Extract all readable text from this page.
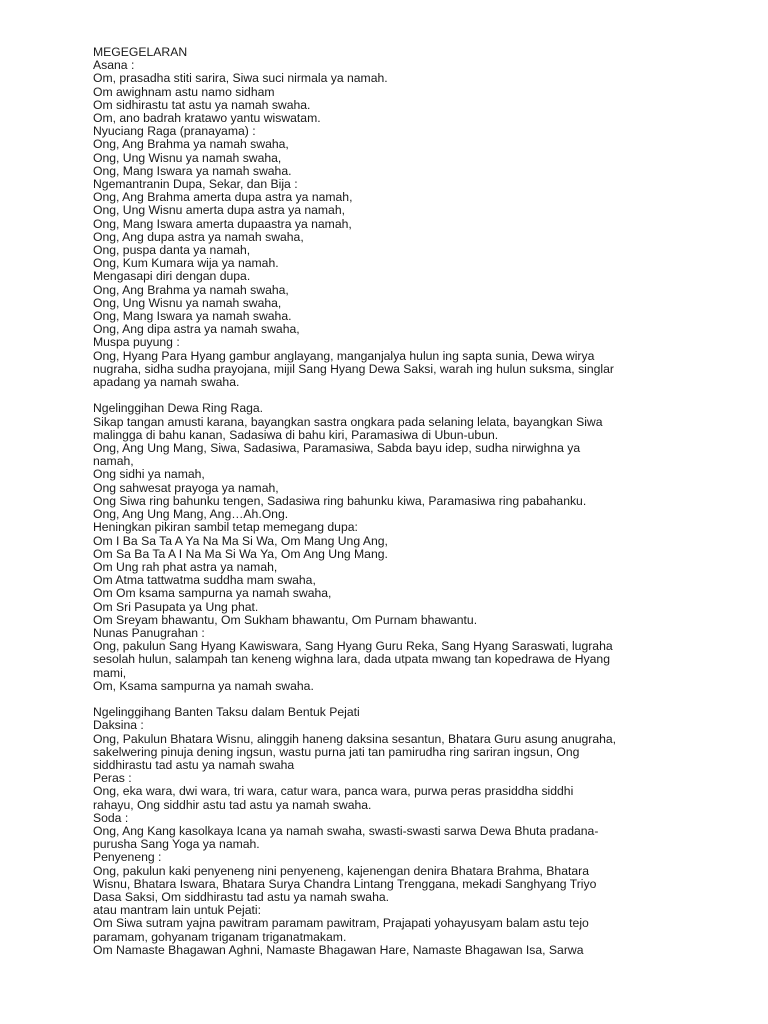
MEGEGELARAN
Asana :
Om, prasadha stiti sarira, Siwa suci nirmala ya namah.
Om awighnam astu namo sidham
Om sidhirastu tat astu ya namah swaha.
Om, ano badrah kratawo yantu wiswatam.
Nyuciang Raga (pranayama) :
Ong, Ang Brahma ya namah swaha,
Ong, Ung Wisnu ya namah swaha,
Ong, Mang Iswara ya namah swaha.
Ngemantranin Dupa, Sekar, dan Bija :
Ong, Ang Brahma amerta dupa astra ya namah,
Ong, Ung Wisnu amerta dupa astra ya namah,
Ong, Mang Iswara amerta dupaastra ya namah,
Ong, Ang dupa astra ya namah swaha,
Ong, puspa danta ya namah,
Ong, Kum Kumara wija ya namah.
Mengasapi diri dengan dupa.
Ong, Ang Brahma ya namah swaha,
Ong, Ung Wisnu ya namah swaha,
Ong, Mang Iswara ya namah swaha.
Ong, Ang dipa astra ya namah swaha,
Muspa puyung :
Ong, Hyang Para Hyang gambur anglayang, manganjalya hulun ing sapta sunia, Dewa wirya
nugraha, sidha sudha prayojana, mijil Sang Hyang Dewa Saksi, warah ing hulun suksma, singlar
apadang ya namah swaha.
Ngelinggihan Dewa Ring Raga.
Sikap tangan amusti karana, bayangkan sastra ongkara pada selaning lelata, bayangkan Siwa
malingga di bahu kanan, Sadasiwa di bahu kiri, Paramasiwa di Ubun-ubun.
Ong, Ang Ung Mang, Siwa, Sadasiwa, Paramasiwa, Sabda bayu idep, sudha nirwighna ya
namah,
Ong sidhi ya namah,
Ong sahwesat prayoga ya namah,
Ong Siwa ring bahunku tengen, Sadasiwa ring bahunku kiwa, Paramasiwa ring pabahanku.
Ong, Ang Ung Mang, Ang…Ah.Ong.
Heningkan pikiran sambil tetap memegang dupa:
Om I Ba Sa Ta A Ya Na Ma Si Wa, Om Mang Ung Ang,
Om Sa Ba Ta A I Na Ma Si Wa Ya, Om Ang Ung Mang.
Om Ung rah phat astra ya namah,
Om Atma tattwatma suddha mam swaha,
Om Om ksama sampurna ya namah swaha,
Om Sri Pasupata ya Ung phat.
Om Sreyam bhawantu, Om Sukham bhawantu, Om Purnam bhawantu.
Nunas Panugrahan :
Ong, pakulun Sang Hyang Kawiswara, Sang Hyang Guru Reka, Sang Hyang Saraswati, lugraha
sesolah hulun, salampah tan keneng wighna lara, dada utpata mwang tan kopedrawa de Hyang
mami,
Om, Ksama sampurna ya namah swaha.
Ngelinggihang Banten Taksu dalam Bentuk Pejati
Daksina :
Ong, Pakulun Bhatara Wisnu, alinggih haneng daksina sesantun, Bhatara Guru asung anugraha,
sakelwering pinuja dening ingsun, wastu purna jati tan pamirudha ring sariran ingsun, Ong
siddhirastu tad astu ya namah swaha
Peras :
Ong, eka wara, dwi wara, tri wara, catur wara, panca wara, purwa peras prasiddha siddhi
rahayu, Ong siddhir astu tad astu ya namah swaha.
Soda :
Ong, Ang Kang kasolkaya Icana ya namah swaha, swasti-swasti sarwa Dewa Bhuta pradana-
purusha Sang Yoga ya namah.
Penyeneng :
Ong, pakulun kaki penyeneng nini penyeneng, kajenengan denira Bhatara Brahma, Bhatara
Wisnu, Bhatara Iswara, Bhatara Surya Chandra Lintang Trenggana, mekadi Sanghyang Triyo
Dasa Saksi, Om siddhirastu tad astu ya namah swaha.
atau mantram lain untuk Pejati:
Om Siwa sutram yajna pawitram paramam pawitram, Prajapati yohayusyam balam astu tejo
paramam, gohyanam triganam triganatmakam.
Om Namaste Bhagawan Aghni, Namaste Bhagawan Hare, Namaste Bhagawan Isa, Sarwa
